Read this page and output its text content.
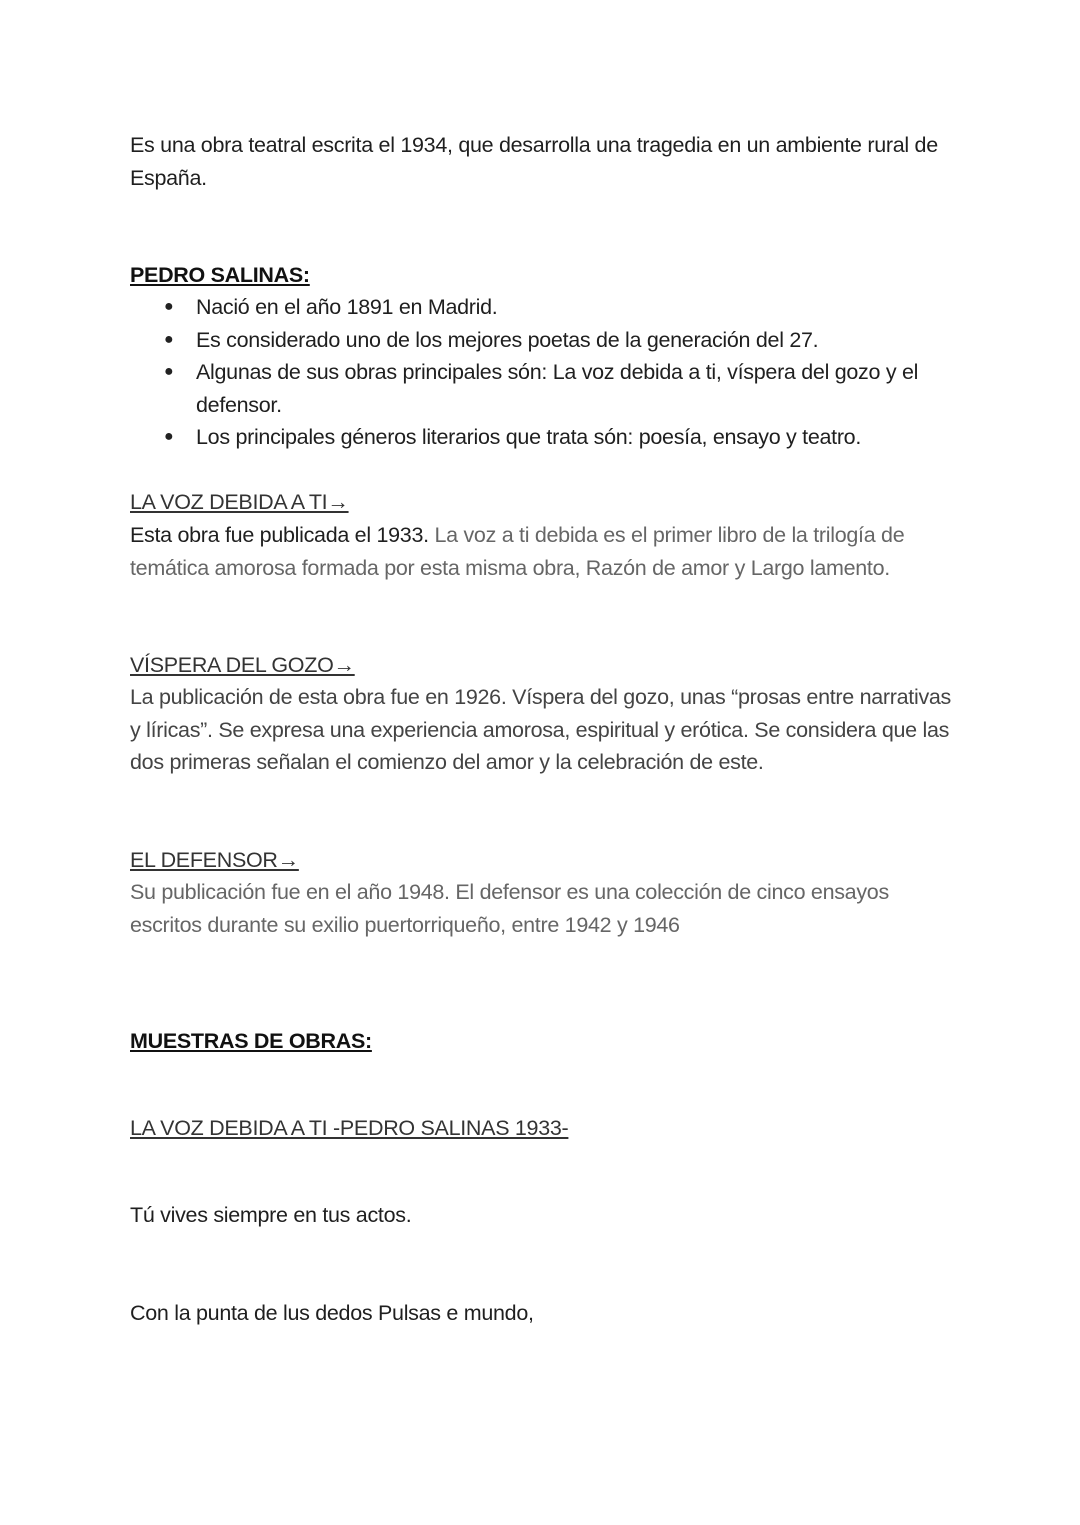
Es una obra teatral escrita el 1934, que desarrolla una tragedia en un ambiente rural de España.
PEDRO SALINAS:
● Nació en el año 1891 en Madrid.
● Es considerado uno de los mejores poetas de la generación del 27.
● Algunas de sus obras principales són: La voz debida a ti, víspera del gozo y el defensor.
● Los principales géneros literarios que trata són: poesía, ensayo y teatro.
LA VOZ DEBIDA A TI→
Esta obra fue publicada el 1933. La voz a ti debida es el primer libro de la trilogía de temática amorosa formada por esta misma obra, Razón de amor y Largo lamento.
VÍSPERA DEL GOZO→
La publicación de esta obra fue en 1926. Víspera del gozo, unas “prosas entre narrativas y líricas”. Se expresa una experiencia amorosa, espiritual y erótica. Se considera que las dos primeras señalan el comienzo del amor y la celebración de este.
EL DEFENSOR→
Su publicación fue en el año 1948. El defensor es una colección de cinco ensayos escritos durante su exilio puertorriqueño, entre 1942 y 1946
MUESTRAS DE OBRAS:
LA VOZ DEBIDA A TI -PEDRO SALINAS 1933-
Tú vives siempre en tus actos.
Con la punta de lus dedos Pulsas e mundo,
